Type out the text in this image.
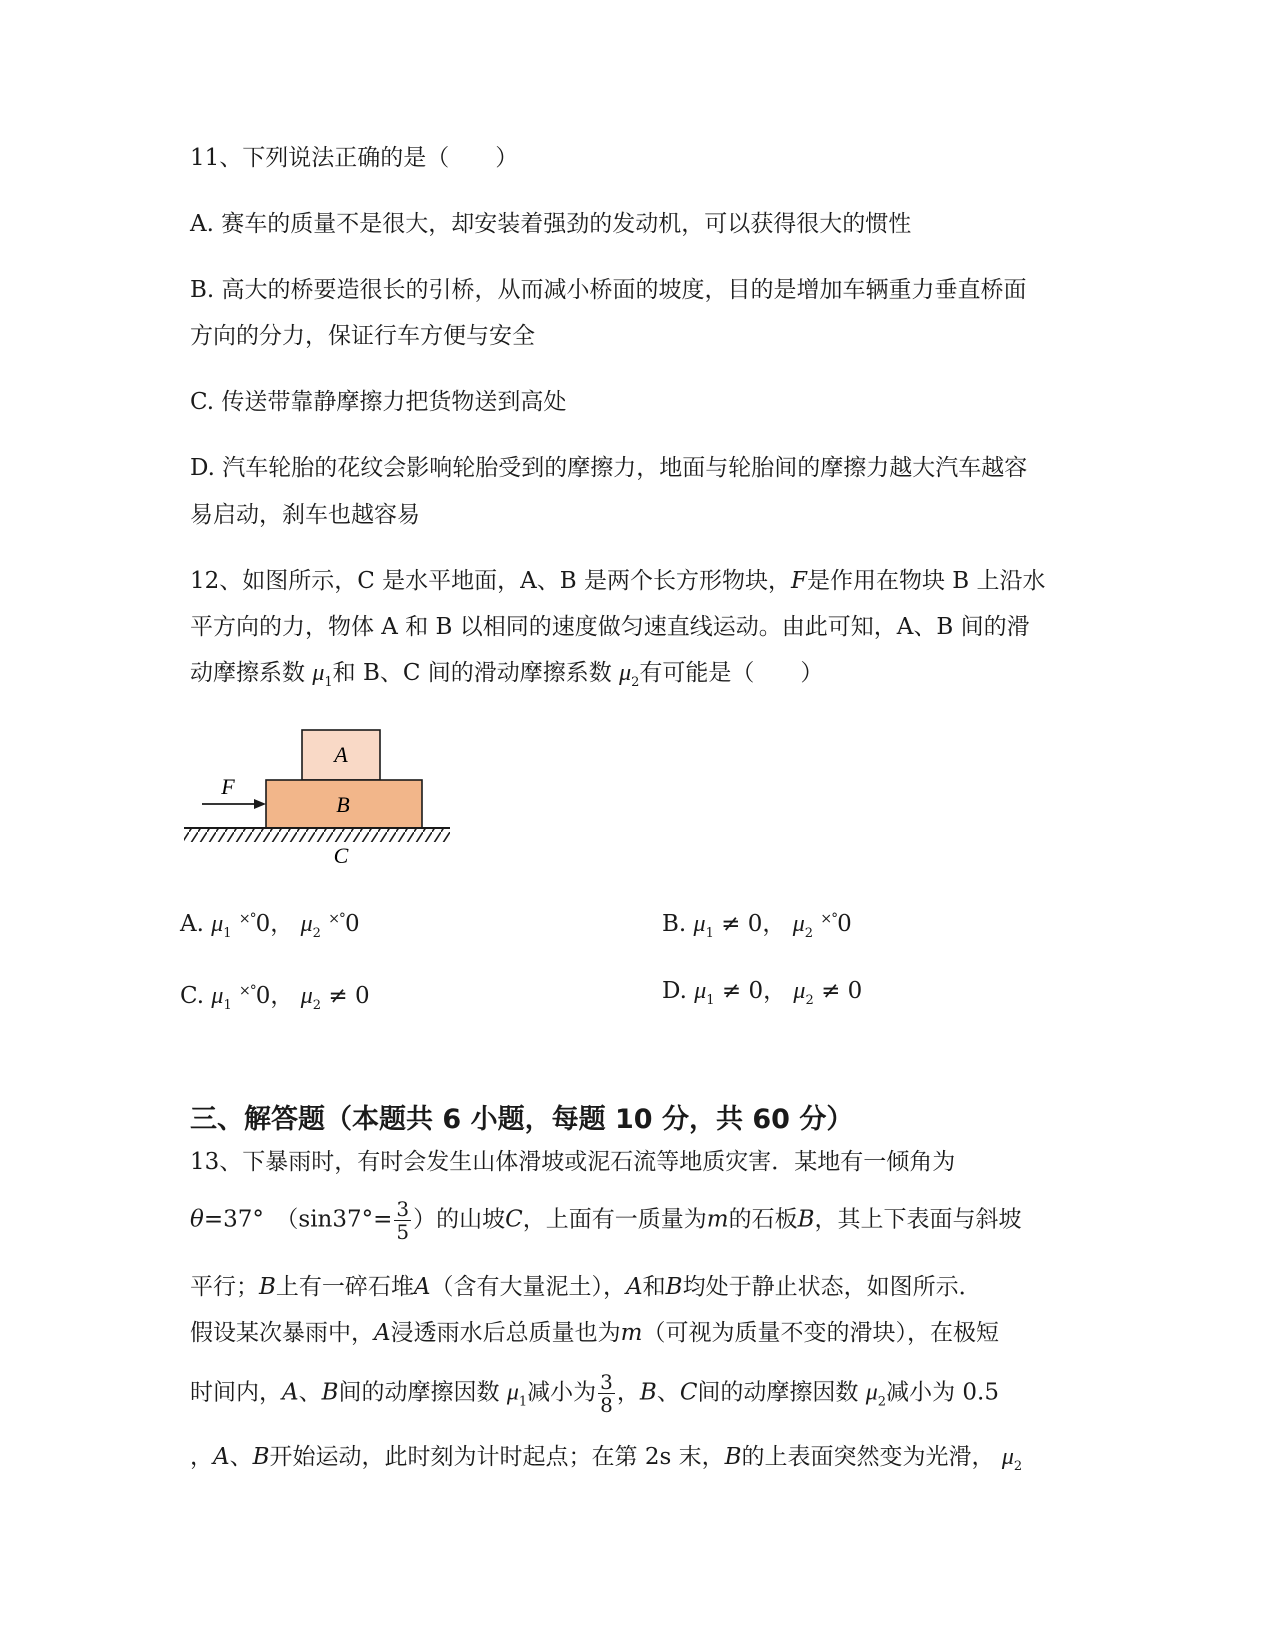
11、下列说法正确的是（　　）
A. 赛车的质量不是很大，却安装着强劲的发动机，可以获得很大的惯性
B. 高大的桥要造很长的引桥，从而减小桥面的坡度，目的是增加车辆重力垂直桥面
方向的分力，保证行车方便与安全
C. 传送带靠静摩擦力把货物送到高处
D. 汽车轮胎的花纹会影响轮胎受到的摩擦力，地面与轮胎间的摩擦力越大汽车越容
易启动，刹车也越容易
12、如图所示，C 是水平地面，A、B 是两个长方形物块，F是作用在物块 B 上沿水
平方向的力，物体 A 和 B 以相同的速度做匀速直线运动。由此可知，A、B 间的滑
动摩擦系数 $\mu_1$和 B、C 间的滑动摩擦系数 $\mu_2$有可能是（　　）
A
B
C
F
A. $\mu_1$ ×°0， $\mu_2$ ×°0	B. $\mu_1 \ne 0$， $\mu_2$ ×°0
C. $\mu_1$ ×°0， $\mu_2 \ne 0$	D. $\mu_1 \ne 0$， $\mu_2 \ne 0$
三、解答题（本题共 6 小题，每题 10 分，共 60 分）
13、下暴雨时，有时会发生山体滑坡或泥石流等地质灾害．某地有一倾角为
θ=37°　（$\sin 37^\circ= \frac{3}{5}$ ）的山坡C，上面有一质量为m的石板B，其上下表面与斜坡
平行；B上有一碎石堆A（含有大量泥土），A和B均处于静止状态，如图所示．
假设某次暴雨中，A浸透雨水后总质量也为m（可视为质量不变的滑块），在极短
时间内，A、B间的动摩擦因数 $\mu_1$减小为 $\frac{3}{8}$ ，B、C间的动摩擦因数 $\mu_2$减小为 0.5
，A、B开始运动，此时刻为计时起点；在第 2s 末，B的上表面突然变为光滑， $\mu_2$
